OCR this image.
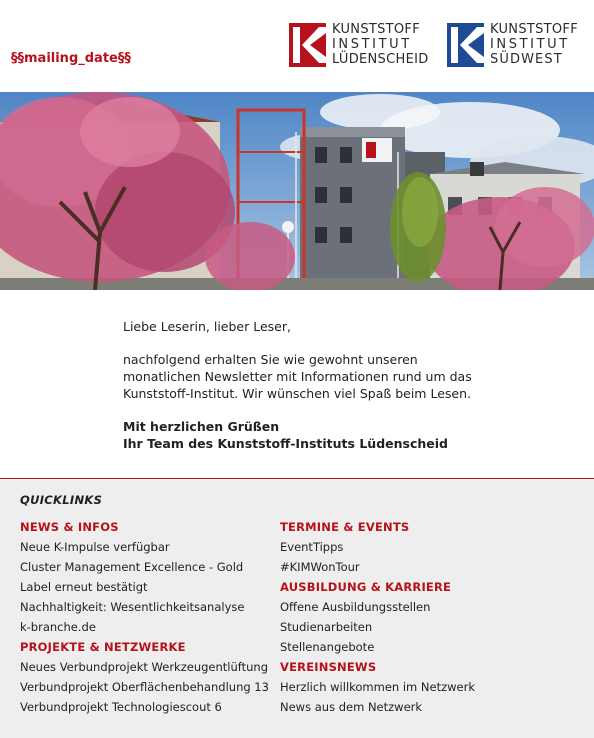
§§mailing_date§§
KUNSTSTOFF
INSTITUT
LÜDENSCHEID
KUNSTSTOFF
INSTITUT
SÜDWEST

Liebe Leserin, lieber Leser,

nachfolgend erhalten Sie wie gewohnt unseren monatlichen Newsletter mit Informationen rund um das Kunststoff-Institut. Wir wünschen viel Spaß beim Lesen.

Mit herzlichen Grüßen
Ihr Team des Kunststoff-Instituts Lüdenscheid
QUICKLINKS
NEWS & INFOS
Neue K-Impulse verfügbar
Cluster Management Excellence - Gold
Label erneut bestätigt
Nachhaltigkeit: Wesentlichkeitsanalyse
k-branche.de
PROJEKTE & NETZWERKE
Neues Verbundprojekt Werkzeugentlüftung
Verbundprojekt Oberflächenbehandlung 13
Verbundprojekt Technologiescout 6
TERMINE & EVENTS
EventTipps
#KIMWonTour
AUSBILDUNG & KARRIERE
Offene Ausbildungsstellen
Studienarbeiten
Stellenangebote
VEREINSNEWS
Herzlich willkommen im Netzwerk
News aus dem Netzwerk
